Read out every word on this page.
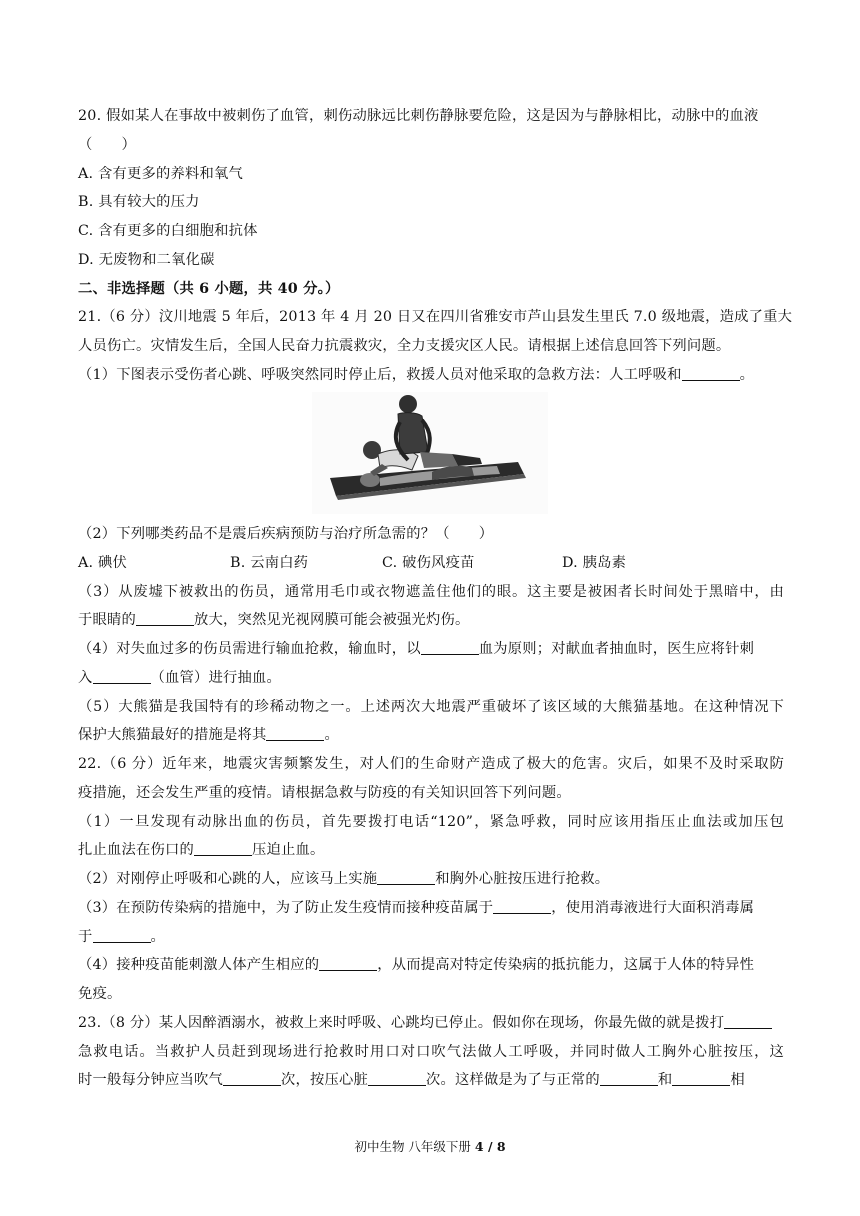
20. 假如某人在事故中被刺伤了血管，刺伤动脉远比刺伤静脉要危险，这是因为与静脉相比，动脉中的血液
（　　）
A. 含有更多的养料和氧气
B. 具有较大的压力
C. 含有更多的白细胞和抗体
D. 无废物和二氧化碳
二、非选择题（共 6 小题，共 40 分。）
21.（6 分）汶川地震 5 年后，2013 年 4 月 20 日又在四川省雅安市芦山县发生里氏 7.0 级地震，造成了重大
人员伤亡。灾情发生后，全国人民奋力抗震救灾，全力支援灾区人民。请根据上述信息回答下列问题。
（1）下图表示受伤者心跳、呼吸突然同时停止后，救援人员对他采取的急救方法：人工呼吸和	。
（2）下列哪类药品不是震后疾病预防与治疗所急需的？（　　）
A. 碘伏	B. 云南白药	C. 破伤风疫苗	D. 胰岛素
（3）从废墟下被救出的伤员，通常用毛巾或衣物遮盖住他们的眼。这主要是被困者长时间处于黑暗中，由
于眼睛的	放大，突然见光视网膜可能会被强光灼伤。
（4）对失血过多的伤员需进行输血抢救，输血时，以	血为原则；对献血者抽血时，医生应将针刺
入	（血管）进行抽血。
（5）大熊猫是我国特有的珍稀动物之一。上述两次大地震严重破坏了该区域的大熊猫基地。在这种情况下
保护大熊猫最好的措施是将其	。
22.（6 分）近年来，地震灾害频繁发生，对人们的生命财产造成了极大的危害。灾后，如果不及时采取防
疫措施，还会发生严重的疫情。请根据急救与防疫的有关知识回答下列问题。
（1）一旦发现有动脉出血的伤员，首先要拨打电话“120”，紧急呼救，同时应该用指压止血法或加压包
扎止血法在伤口的	压迫止血。
（2）对刚停止呼吸和心跳的人，应该马上实施	和胸外心脏按压进行抢救。
（3）在预防传染病的措施中，为了防止发生疫情而接种疫苗属于	，使用消毒液进行大面积消毒属
于	。
（4）接种疫苗能刺激人体产生相应的	，从而提高对特定传染病的抵抗能力，这属于人体的特异性
免疫。
23.（8 分）某人因醉酒溺水，被救上来时呼吸、心跳均已停止。假如你在现场，你最先做的就是拨打
急救电话。当救护人员赶到现场进行抢救时用口对口吹气法做人工呼吸，并同时做人工胸外心脏按压，这
时一般每分钟应当吹气	次，按压心脏	次。这样做是为了与正常的	和	相
初中生物 八年级下册 4 / 8
